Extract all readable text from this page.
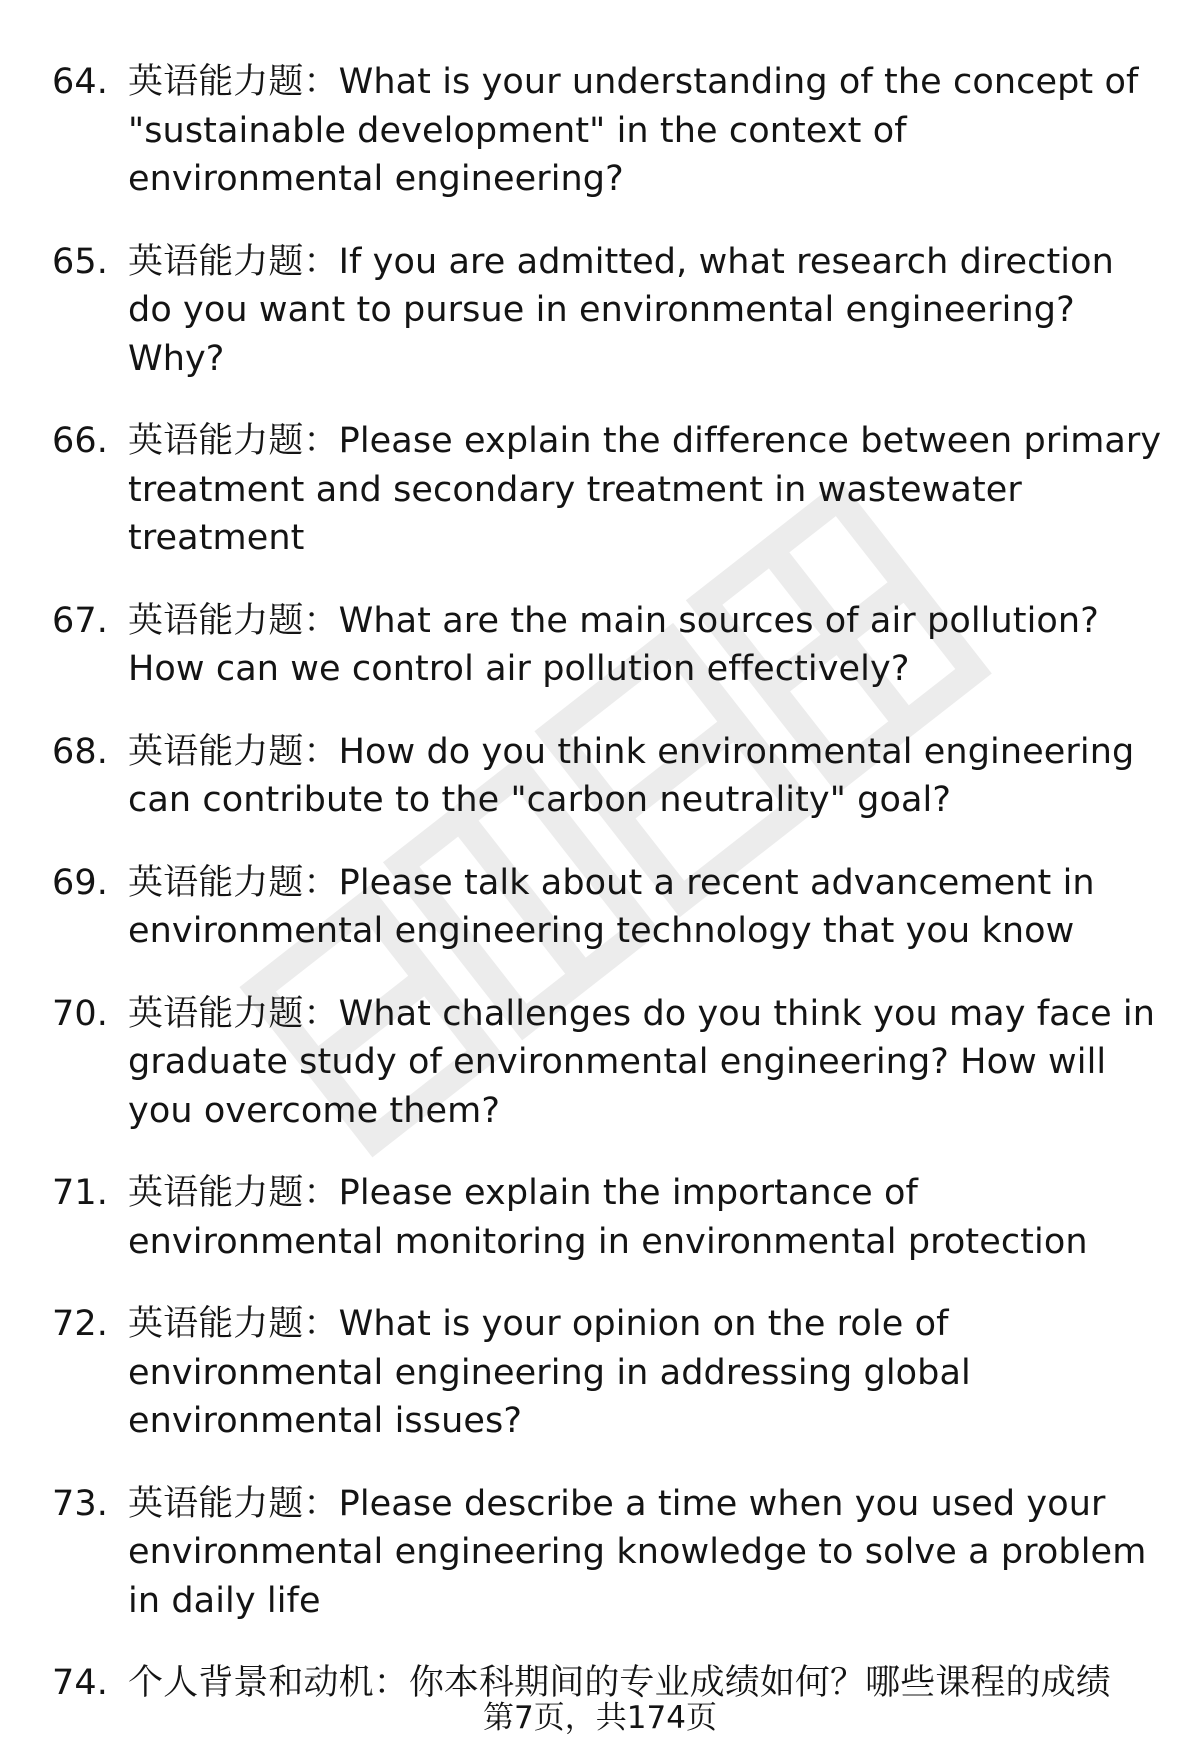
64. 英语能力题：What is your understanding of the concept of "sustainable development" in the context of environmental engineering?
65. 英语能力题：If you are admitted, what research direction do you want to pursue in environmental engineering? Why?
66. 英语能力题：Please explain the difference between primary treatment and secondary treatment in wastewater treatment
67. 英语能力题：What are the main sources of air pollution? How can we control air pollution effectively?
68. 英语能力题：How do you think environmental engineering can contribute to the "carbon neutrality" goal?
69. 英语能力题：Please talk about a recent advancement in environmental engineering technology that you know
70. 英语能力题：What challenges do you think you may face in graduate study of environmental engineering? How will you overcome them?
71. 英语能力题：Please explain the importance of environmental monitoring in environmental protection
72. 英语能力题：What is your opinion on the role of environmental engineering in addressing global environmental issues?
73. 英语能力题：Please describe a time when you used your environmental engineering knowledge to solve a problem in daily life
74. 个人背景和动机：你本科期间的专业成绩如何？哪些课程的成绩
第7页，共174页
